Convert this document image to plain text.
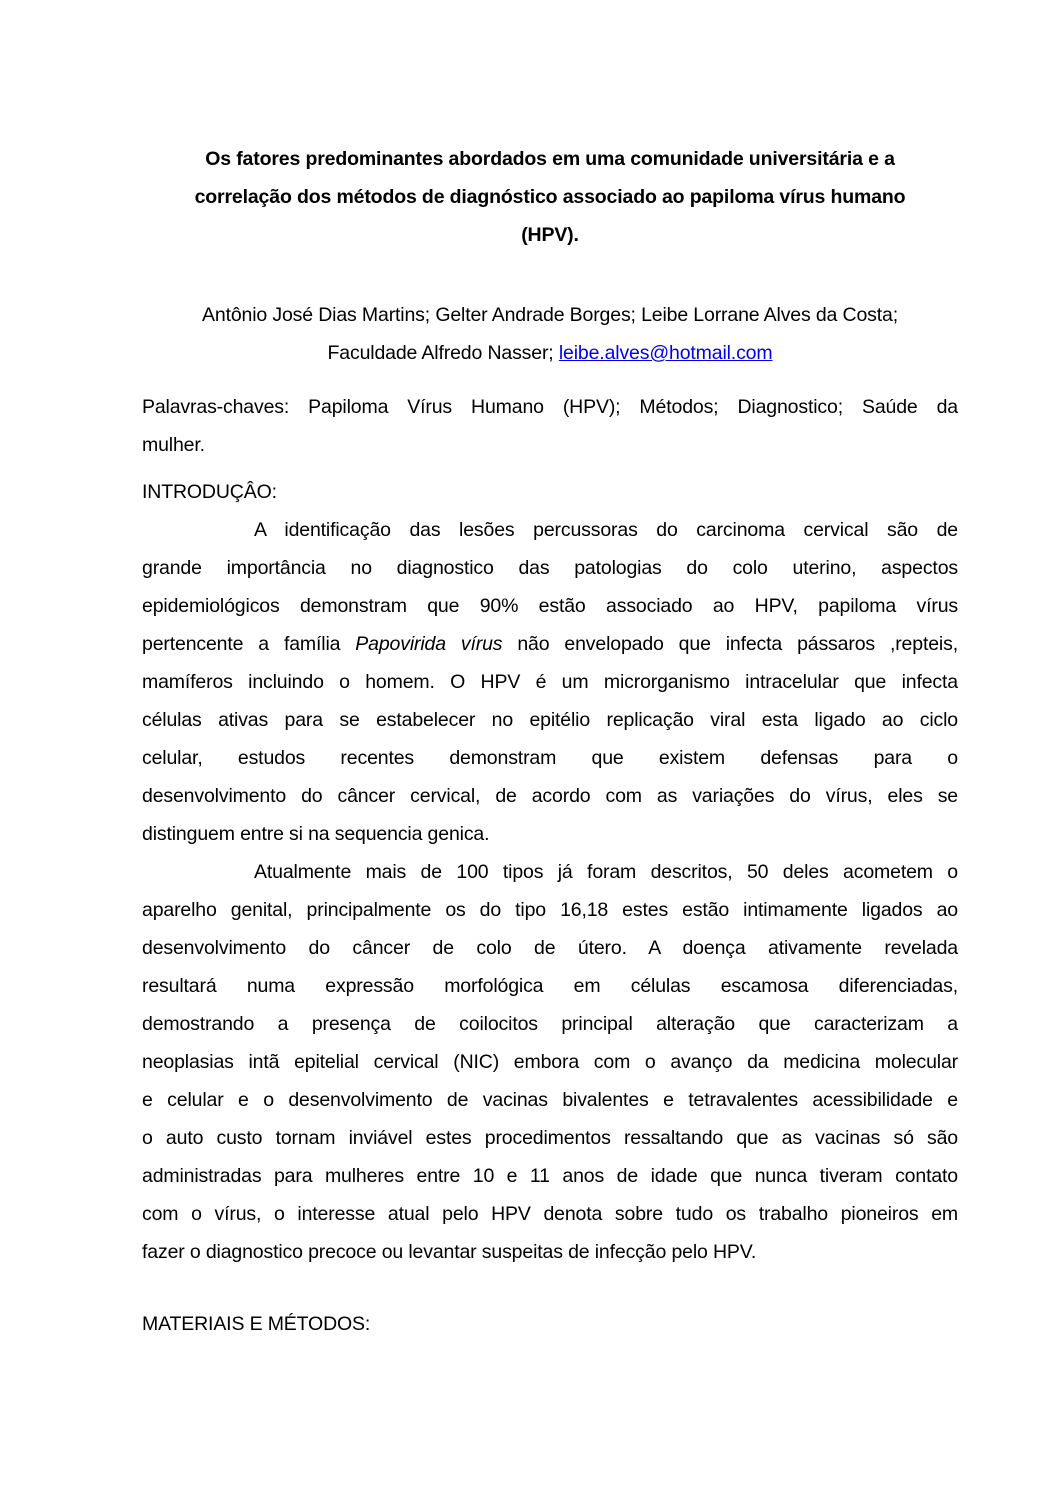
Os fatores predominantes abordados em uma comunidade universitária e a
correlação dos métodos de diagnóstico associado ao papiloma vírus humano
(HPV).
Antônio José Dias Martins; Gelter Andrade Borges; Leibe Lorrane Alves da Costa;
Faculdade Alfredo Nasser; leibe.alves@hotmail.com
Palavras-chaves: Papiloma Vírus Humano (HPV); Métodos; Diagnostico; Saúde da
mulher.
INTRODUÇÂO:
A identificação das lesões percussoras do carcinoma cervical são de
grande importância no diagnostico das patologias do colo uterino, aspectos
epidemiológicos demonstram que 90% estão associado ao HPV, papiloma vírus
pertencente a família Papovirida vírus não envelopado que infecta pássaros ,repteis,
mamíferos incluindo o homem. O HPV é um microrganismo intracelular que infecta
células ativas para se estabelecer no epitélio replicação viral esta ligado ao ciclo
celular, estudos recentes demonstram que existem defensas para o
desenvolvimento do câncer cervical, de acordo com as variações do vírus, eles se
distinguem entre si na sequencia genica.
Atualmente mais de 100 tipos já foram descritos, 50 deles acometem o
aparelho genital, principalmente os do tipo 16,18 estes estão intimamente ligados ao
desenvolvimento do câncer de colo de útero. A doença ativamente revelada
resultará numa expressão morfológica em células escamosa diferenciadas,
demostrando a presença de coilocitos principal alteração que caracterizam a
neoplasias intã epitelial cervical (NIC) embora com o avanço da medicina molecular
e celular e o desenvolvimento de vacinas bivalentes e tetravalentes acessibilidade e
o auto custo tornam inviável estes procedimentos ressaltando que as vacinas só são
administradas para mulheres entre 10 e 11 anos de idade que nunca tiveram contato
com o vírus, o interesse atual pelo HPV denota sobre tudo os trabalho pioneiros em
fazer o diagnostico precoce ou levantar suspeitas de infecção pelo HPV.
MATERIAIS E MÉTODOS:
